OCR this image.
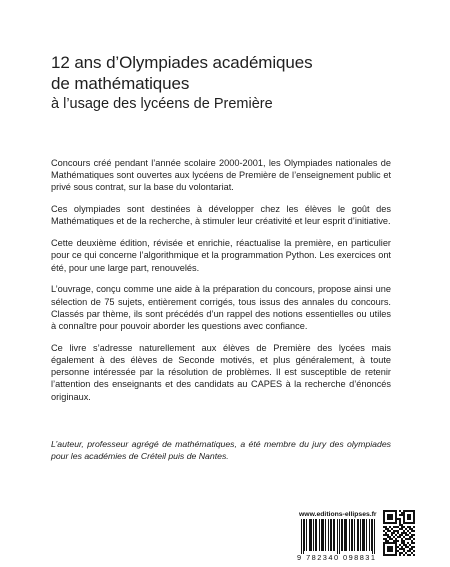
12 ans d’Olympiades académiques
de mathématiques
à l’usage des lycéens de Première

Concours créé pendant l’année scolaire 2000-2001, les Olympiades nationales de Mathématiques sont ouvertes aux lycéens de Première de l’enseignement public et privé sous contrat, sur la base du volontariat.

Ces olympiades sont destinées à développer chez les élèves le goût des Mathématiques et de la recherche, à stimuler leur créativité et leur esprit d’initiative.

Cette deuxième édition, révisée et enrichie, réactualise la première, en particulier pour ce qui concerne l’algorithmique et la programmation Python. Les exercices ont été, pour une large part, renouvelés.

L’ouvrage, conçu comme une aide à la préparation du concours, propose ainsi une sélection de 75 sujets, entièrement corrigés, tous issus des annales du concours. Classés par thème, ils sont précédés d’un rappel des notions essentielles ou utiles à connaître pour pouvoir aborder les questions avec confiance.

Ce livre s’adresse naturellement aux élèves de Première des lycées mais également à des élèves de Seconde motivés, et plus généralement, à toute personne intéressée par la résolution de problèmes. Il est susceptible de retenir l’attention des enseignants et des candidats au CAPES à la recherche d’énoncés originaux.

L’auteur, professeur agrégé de mathématiques, a été membre du jury des olympiades pour les académies de Créteil puis de Nantes.
www.editions-ellipses.fr
9 782340 098831
